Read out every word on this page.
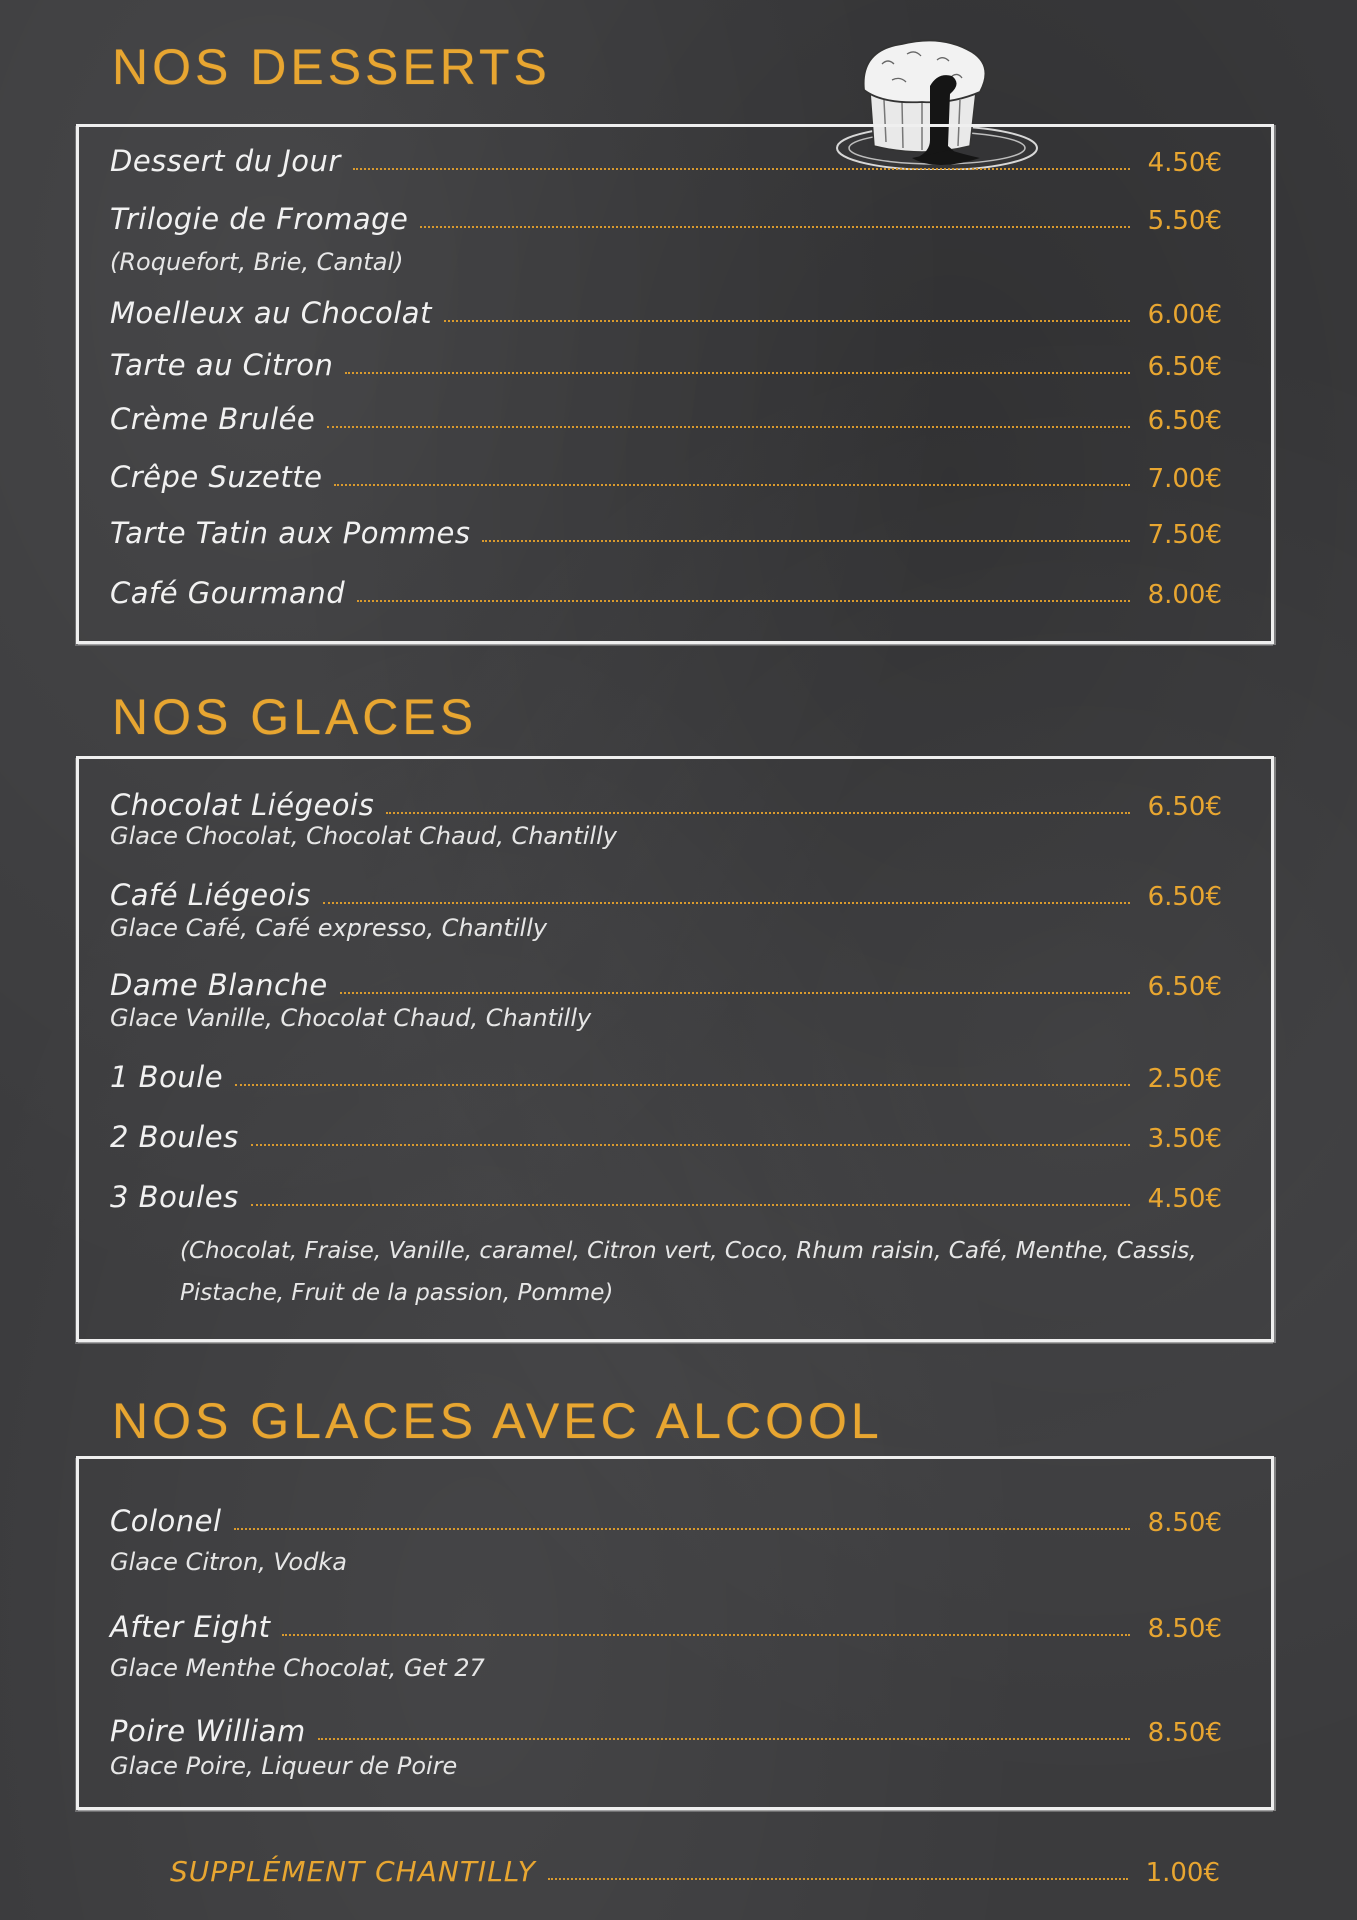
NOS DESSERTS
Dessert du Jour	4.50€
Trilogie de Fromage	5.50€
(Roquefort, Brie, Cantal)
Moelleux au Chocolat	6.00€
Tarte au Citron	6.50€
Crème Brulée	6.50€
Crêpe Suzette	7.00€
Tarte Tatin aux Pommes	7.50€
Café Gourmand	8.00€
NOS GLACES
Chocolat Liégeois	6.50€
Glace Chocolat, Chocolat Chaud, Chantilly
Café Liégeois	6.50€
Glace Café, Café expresso, Chantilly
Dame Blanche	6.50€
Glace Vanille, Chocolat Chaud, Chantilly
1 Boule	2.50€
2 Boules	3.50€
3 Boules	4.50€
(Chocolat, Fraise, Vanille, caramel, Citron vert, Coco, Rhum raisin, Café, Menthe, Cassis, Pistache, Fruit de la passion, Pomme)
NOS GLACES AVEC ALCOOL
Colonel	8.50€
Glace Citron, Vodka
After Eight	8.50€
Glace Menthe Chocolat, Get 27
Poire William	8.50€
Glace Poire, Liqueur de Poire
SUPPLÉMENT CHANTILLY	1.00€
